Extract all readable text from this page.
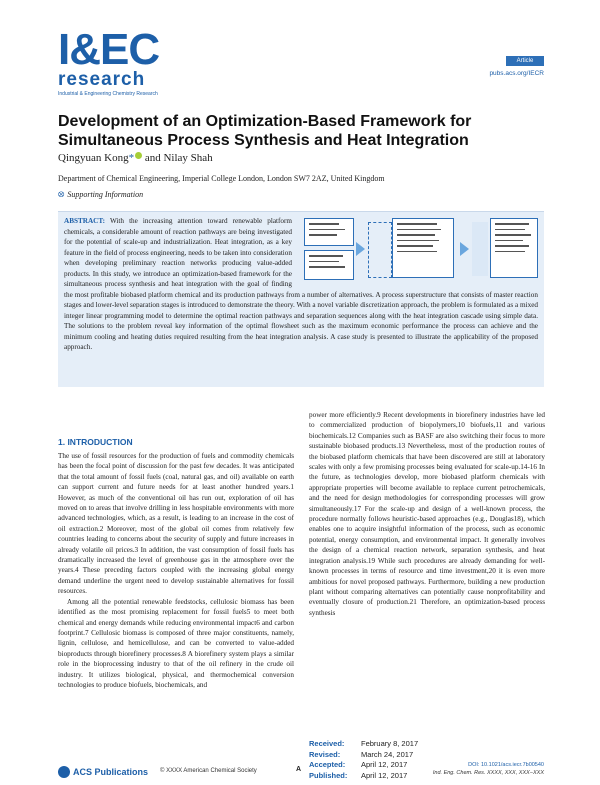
I&EC
research
Industrial & Engineering Chemistry Research
Article
pubs.acs.org/IECR
Development of an Optimization-Based Framework for Simultaneous Process Synthesis and Heat Integration
Qingyuan Kong* and Nilay Shah
Department of Chemical Engineering, Imperial College London, London SW7 2AZ, United Kingdom
⭙ Supporting Information
ABSTRACT: With the increasing attention toward renewable platform chemicals, a considerable amount of reaction pathways are being investigated for the potential of scale-up and industrialization. Heat integration, as a key feature in the field of process engineering, needs to be taken into consideration when developing preliminary reaction networks producing value-added products. In this study, we introduce an optimization-based framework for the simultaneous process synthesis and heat integration with the goal of finding the most profitable biobased platform chemical and its production pathways from a number of alternatives. A process superstructure that consists of master reaction stages and lower-level separation stages is introduced to demonstrate the theory. With a novel variable discretization approach, the problem is formulated as a mixed integer linear programming model to determine the optimal reaction pathways and separation sequences along with the heat integration cascade using simple data. The solutions to the problem reveal key information of the optimal flowsheet such as the maximum economic performance the process can achieve and the minimum cooling and heating duties required resulting from the heat integration analysis. A case study is presented to illustrate the applicability of the proposed approach.
1. INTRODUCTION

The use of fossil resources for the production of fuels and commodity chemicals has been the focal point of discussion for the past few decades. It was anticipated that the total amount of fossil fuels (coal, natural gas, and oil) available on earth can support current and future needs for at least another hundred years.1 However, as much of the conventional oil has run out, exploration of oil has moved on to areas that involve drilling in less hospitable environments with more advanced technologies, which, as a result, is leading to an increase in the cost of oil extraction.2 Moreover, most of the global oil comes from relatively few countries leading to concerns about the security of supply and future increases in already volatile oil prices.3 In addition, the vast consumption of fossil fuels has dramatically increased the level of greenhouse gas in the atmosphere over the years.4 These preceding factors coupled with the increasing global energy demand underline the urgent need to develop sustainable alternatives for fossil resources.

Among all the potential renewable feedstocks, cellulosic biomass has been identified as the most promising replacement for fossil fuels5 to meet both chemical and energy demands while reducing environmental impact6 and carbon footprint.7 Cellulosic biomass is composed of three major constituents, namely, lignin, cellulose, and hemicellulose, and can be converted to value-added bioproducts through biorefinery processes.8 A biorefinery system plays a similar role in the bioprocessing industry to that of the oil refinery in the crude oil industry. It utilizes biological, physical, and thermochemical conversion technologies to produce biofuels, biochemicals, and

power more efficiently.9 Recent developments in biorefinery industries have led to commercialized production of biopolymers,10 biofuels,11 and various biochemicals.12 Companies such as BASF are also switching their focus to more sustainable biobased products.13 Nevertheless, most of the production routes of the biobased platform chemicals that have been discovered are still at laboratory scales with only a few promising processes being evaluated for scale-up.14-16 In the future, as technologies develop, more biobased platform chemicals with appropriate properties will become available to replace current petrochemicals, and the need for design methodologies for corresponding processes will grow simultaneously.17 For the scale-up and design of a well-known process, the procedure normally follows heuristic-based approaches (e.g., Douglas18), which enables one to acquire insightful information of the process, such as economic potential, energy consumption, and environmental impact. It generally involves the design of a chemical reaction network, separation synthesis, and heat integration analysis.19 While such procedures are already demanding for well-known processes in terms of resource and time investment,20 it is even more ambitious for novel proposed pathways. Furthermore, building a new production plant without comparing alternatives can potentially cause nonprofitability and eventually closure of production.21 Therefore, an optimization-based process synthesis

Received: February 8, 2017
Revised:	March 24, 2017
Accepted: April 12, 2017
Published: April 12, 2017
ACS Publications © XXXX American Chemical Society	A
DOI: 10.1021/acs.iecr.7b00540
Ind. Eng. Chem. Res. XXXX, XXX, XXX−XXX
